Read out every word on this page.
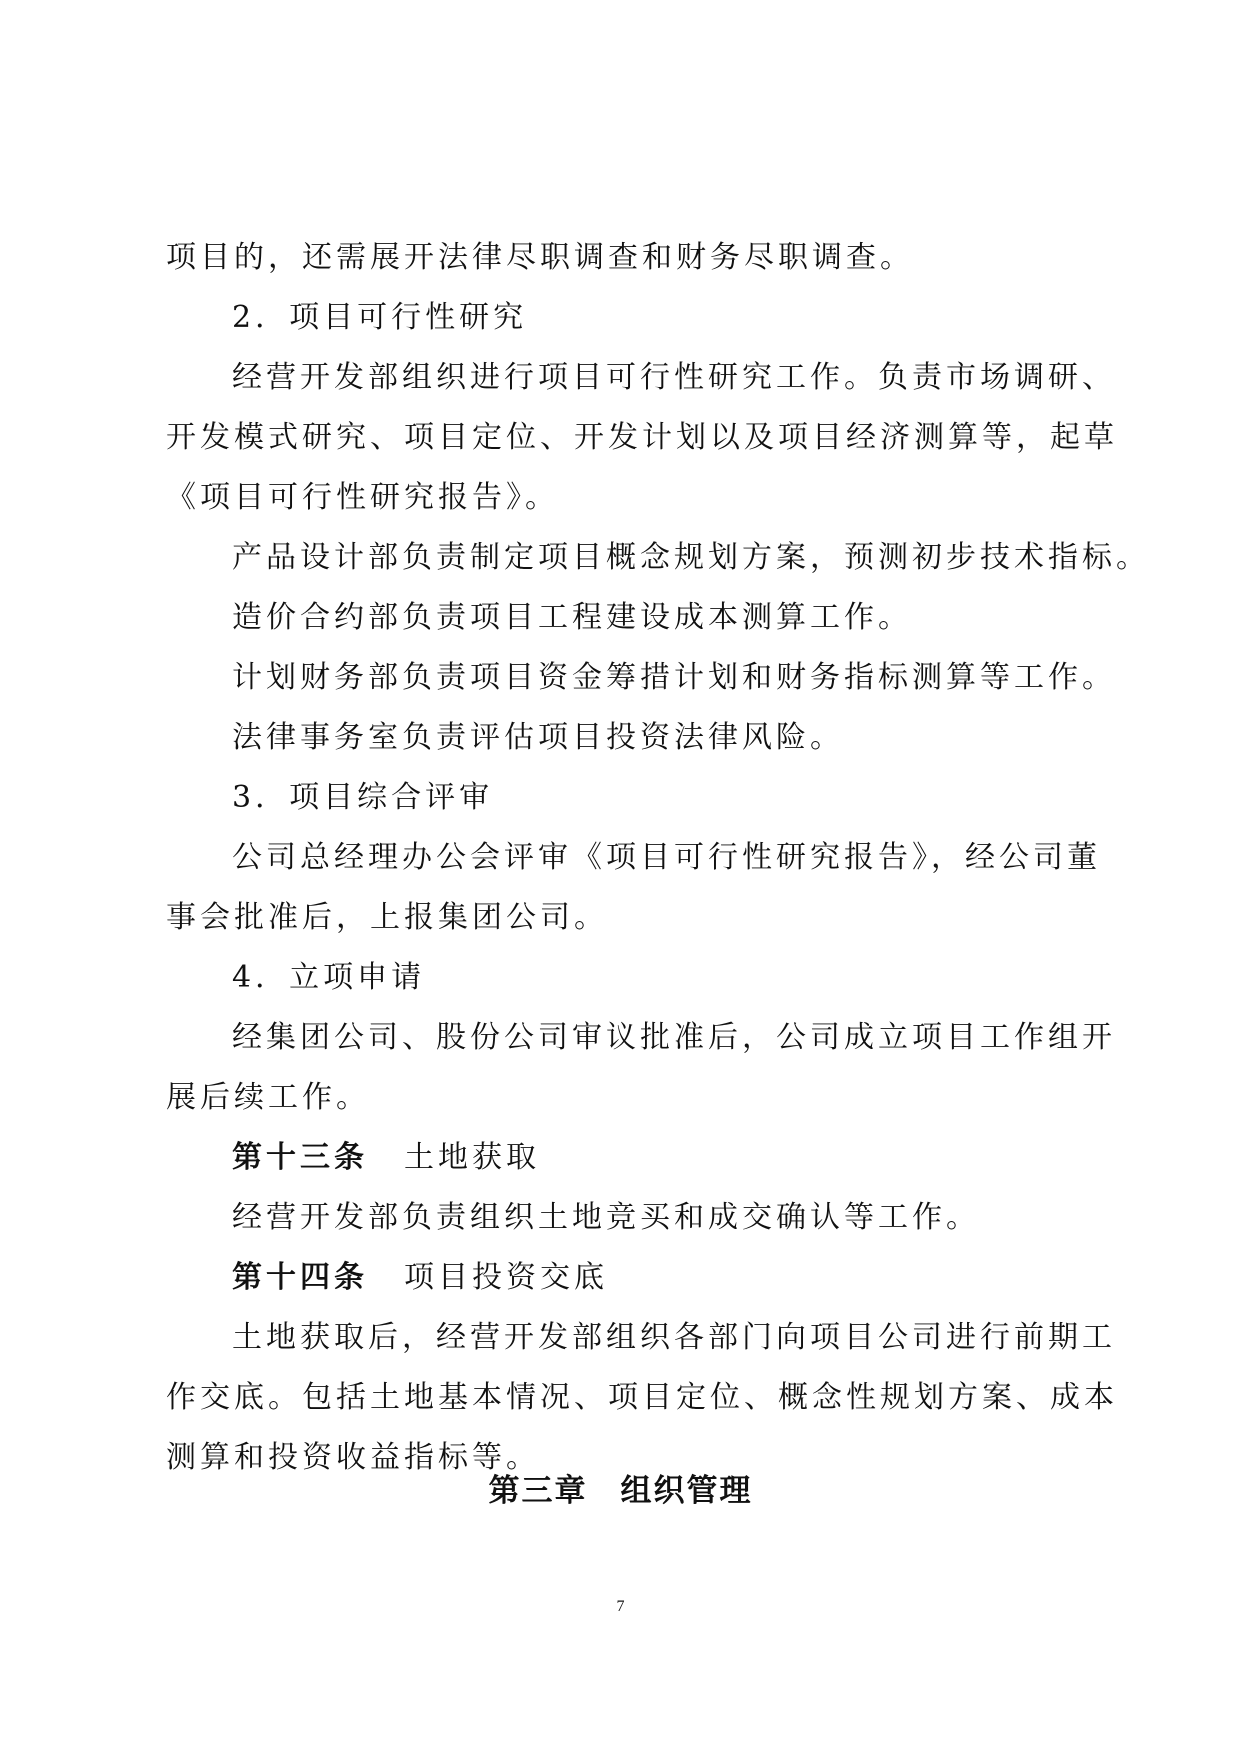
项目的，还需展开法律尽职调查和财务尽职调查。
2．项目可行性研究
经营开发部组织进行项目可行性研究工作。负责市场调研、
开发模式研究、项目定位、开发计划以及项目经济测算等，起草
《项目可行性研究报告》。
产品设计部负责制定项目概念规划方案，预测初步技术指标。
造价合约部负责项目工程建设成本测算工作。
计划财务部负责项目资金筹措计划和财务指标测算等工作。
法律事务室负责评估项目投资法律风险。
3．项目综合评审
公司总经理办公会评审《项目可行性研究报告》，经公司董
事会批准后，上报集团公司。
4．立项申请
经集团公司、股份公司审议批准后，公司成立项目工作组开
展后续工作。
第十三条 土地获取
经营开发部负责组织土地竞买和成交确认等工作。
第十四条 项目投资交底
土地获取后，经营开发部组织各部门向项目公司进行前期工
作交底。包括土地基本情况、项目定位、概念性规划方案、成本
测算和投资收益指标等。
第三章　组织管理
7
